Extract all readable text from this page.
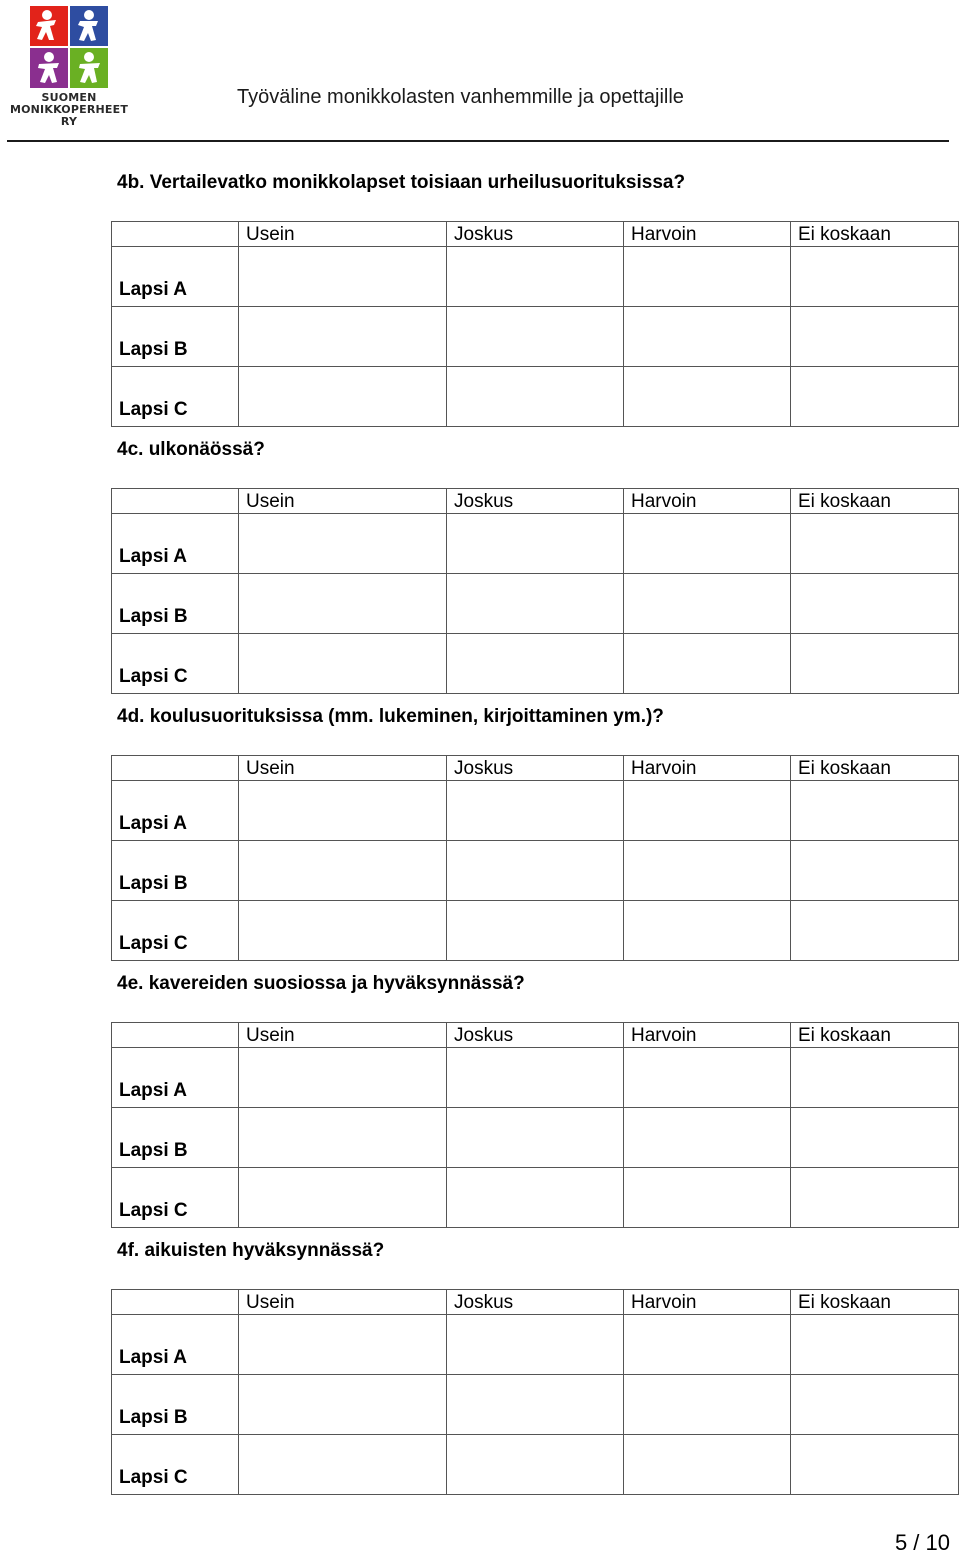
SUOMEN
MONIKKOPERHEET RY
Työväline monikkolasten vanhemmille ja opettajille
4b. Vertailevatko monikkolapset toisiaan urheilusuorituksissa?
	Usein	Joskus	Harvoin	Ei koskaan
Lapsi A				
Lapsi B				
Lapsi C				
4c. ulkonäössä?
	Usein	Joskus	Harvoin	Ei koskaan
Lapsi A				
Lapsi B				
Lapsi C				
4d. koulusuorituksissa (mm. lukeminen, kirjoittaminen ym.)?
	Usein	Joskus	Harvoin	Ei koskaan
Lapsi A				
Lapsi B				
Lapsi C				
4e. kavereiden suosiossa ja hyväksynnässä?
	Usein	Joskus	Harvoin	Ei koskaan
Lapsi A				
Lapsi B				
Lapsi C				
4f. aikuisten hyväksynnässä?
	Usein	Joskus	Harvoin	Ei koskaan
Lapsi A				
Lapsi B				
Lapsi C				
5 / 10
